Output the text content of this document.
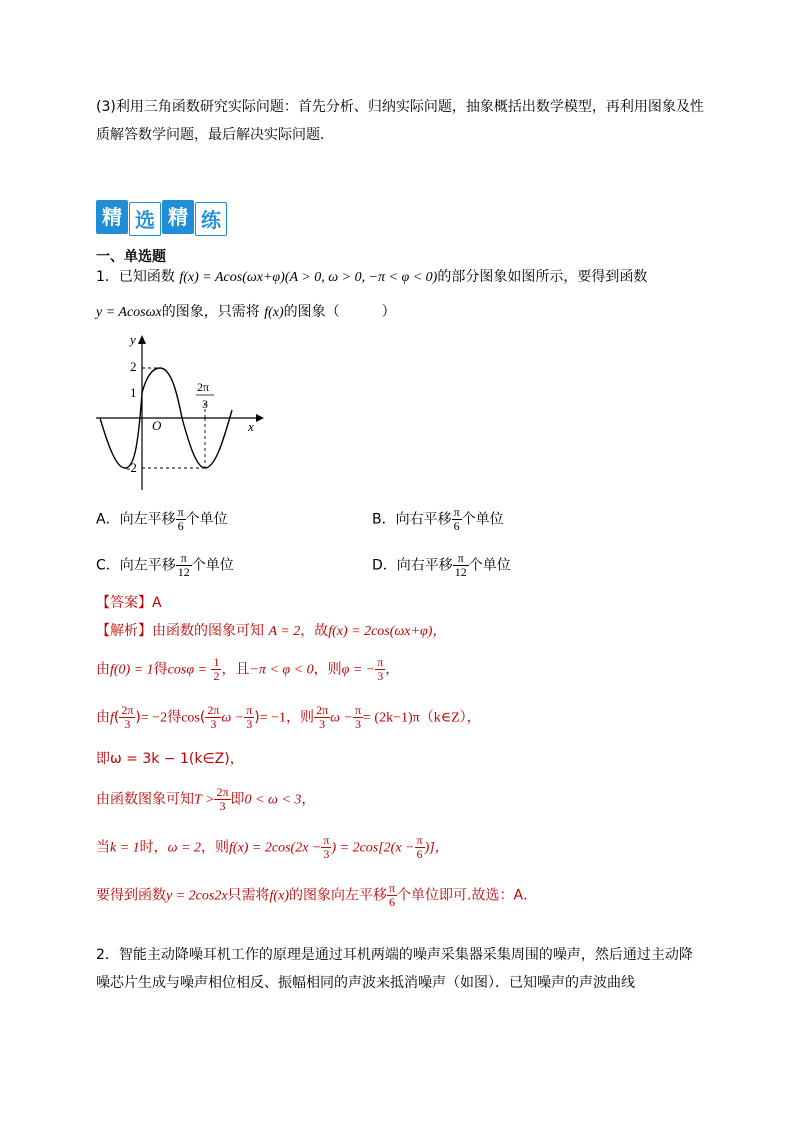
(3)利用三角函数研究实际问题：首先分析、归纳实际问题，抽象概括出数学模型，再利用图象及性
质解答数学问题，最后解决实际问题．
精 选 精 练
一、单选题
1．已知函数 f(x) = Acos(ωx+φ)(A > 0, ω > 0, −π < φ < 0)的部分图象如图所示，要得到函数
y = Acosωx的图象，只需将 f(x)的图象（　　　）
y
x
O
2
1
-2
2π
3
A．向左平移 $\frac{\pi}{6}$ 个单位	B．向右平移 $\frac{\pi}{6}$ 个单位
C．向左平移 $\frac{\pi}{12}$ 个单位	D．向右平移 $\frac{\pi}{12}$ 个单位
【答案】A
【解析】由函数的图象可知 A = 2，故f(x) = 2cos(ωx+φ)，
由f(0) = 1得$\cos\varphi = \frac{1}{2}$ ，且−π < φ < 0，则φ = − $\frac{\pi}{3}$ ，
由$f( \frac{2\pi}{3}$ )= −2得$\cos( \frac{2\pi}{3}$ $\omega - \frac{\pi}{3}$ )= −1，则 $\frac{2\pi}{3}$ $\omega - \frac{\pi}{3}$ = (2k−1)π（k∈Z），
即ω = 3k − 1(k∈Z)，
由函数图象可知$T > \frac{2\pi}{3}$ 即0 < ω < 3，
当k = 1时，ω = 2，则$f(x) = 2\cos(2x - \frac{\pi}{3}$ ) = $2\cos[2(x - \frac{\pi}{6}$ )]，
要得到函数y = 2cos2x只需将f(x)的图象向左平移 $\frac{\pi}{6}$ 个单位即可.故选：A．
2．智能主动降噪耳机工作的原理是通过耳机两端的噪声采集器采集周围的噪声，然后通过主动降
噪芯片生成与噪声相位相反、振幅相同的声波来抵消噪声（如图）．已知噪声的声波曲线
